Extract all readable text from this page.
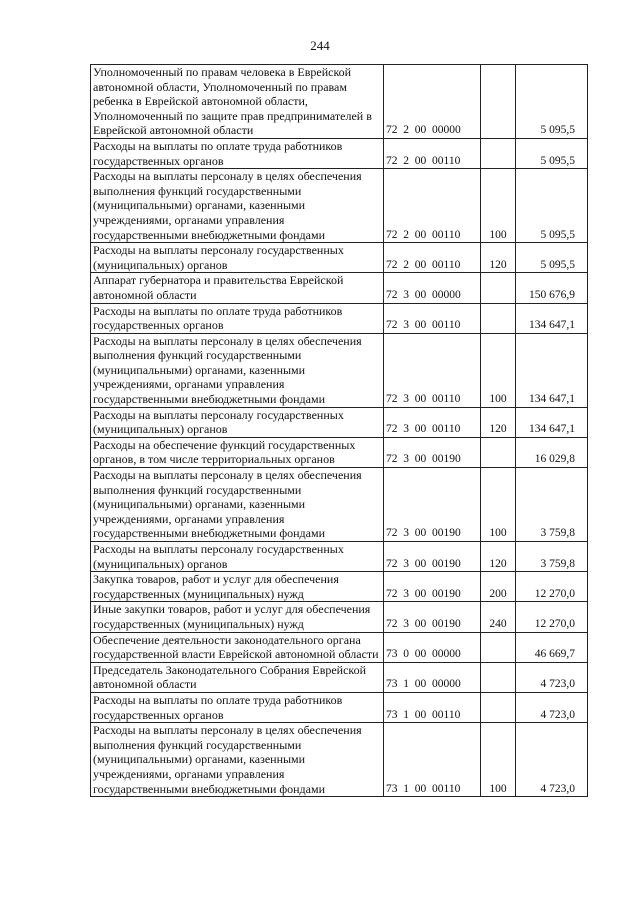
244
Уполномоченный по правам человека в Еврейской автономной области, Уполномоченный по правам ребенка в Еврейской автономной области, Уполномоченный по защите прав предпринимателей в Еврейской автономной области	72  2  00  00000		5 095,5
Расходы на выплаты по оплате труда работников государственных органов	72  2  00  00110		5 095,5
Расходы на выплаты персоналу в целях обеспечения выполнения функций государственными (муниципальными) органами, казенными учреждениями, органами управления государственными внебюджетными фондами	72  2  00  00110	100	5 095,5
Расходы на выплаты персоналу государственных (муниципальных) органов	72  2  00  00110	120	5 095,5
Аппарат губернатора и правительства Еврейской автономной области	72  3  00  00000		150 676,9
Расходы на выплаты по оплате труда работников государственных органов	72  3  00  00110		134 647,1
Расходы на выплаты персоналу в целях обеспечения выполнения функций государственными (муниципальными) органами, казенными учреждениями, органами управления государственными внебюджетными фондами	72  3  00  00110	100	134 647,1
Расходы на выплаты персоналу государственных (муниципальных) органов	72  3  00  00110	120	134 647,1
Расходы на обеспечение функций государственных органов, в том числе территориальных органов	72  3  00  00190		16 029,8
Расходы на выплаты персоналу в целях обеспечения выполнения функций государственными (муниципальными) органами, казенными учреждениями, органами управления государственными внебюджетными фондами	72  3  00  00190	100	3 759,8
Расходы на выплаты персоналу государственных (муниципальных) органов	72  3  00  00190	120	3 759,8
Закупка товаров, работ и услуг для обеспечения государственных (муниципальных) нужд	72  3  00  00190	200	12 270,0
Иные закупки товаров, работ и услуг для обеспечения государственных (муниципальных) нужд	72  3  00  00190	240	12 270,0
Обеспечение деятельности законодательного органа государственной власти Еврейской автономной области	73  0  00  00000		46 669,7
Председатель Законодательного Собрания Еврейской автономной области	73  1  00  00000		4 723,0
Расходы на выплаты по оплате труда работников государственных органов	73  1  00  00110		4 723,0
Расходы на выплаты персоналу в целях обеспечения выполнения функций государственными (муниципальными) органами, казенными учреждениями, органами управления государственными внебюджетными фондами	73  1  00  00110	100	4 723,0
